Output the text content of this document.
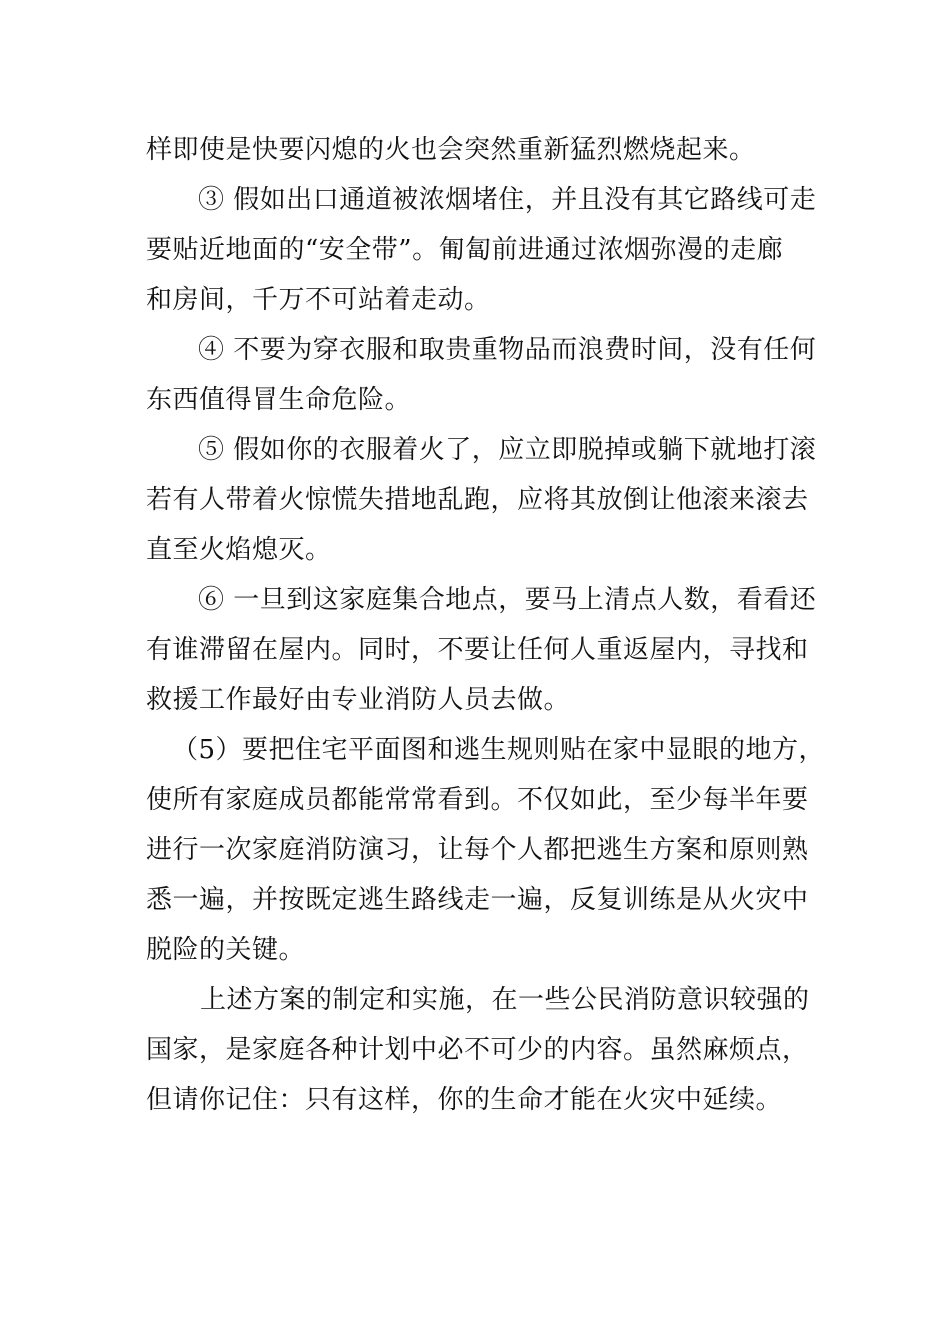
样即使是快要闪熄的火也会突然重新猛烈燃烧起来。
③ 假如出口通道被浓烟堵住，并且没有其它路线可走
要贴近地面的“安全带”。匍匐前进通过浓烟弥漫的走廊
和房间，千万不可站着走动。
④ 不要为穿衣服和取贵重物品而浪费时间，没有任何
东西值得冒生命危险。
⑤ 假如你的衣服着火了，应立即脱掉或躺下就地打滚
若有人带着火惊慌失措地乱跑，应将其放倒让他滚来滚去
直至火焰熄灭。
⑥ 一旦到这家庭集合地点，要马上清点人数，看看还
有谁滞留在屋内。同时，不要让任何人重返屋内，寻找和
救援工作最好由专业消防人员去做。
（5）要把住宅平面图和逃生规则贴在家中显眼的地方，
使所有家庭成员都能常常看到。不仅如此，至少每半年要
进行一次家庭消防演习，让每个人都把逃生方案和原则熟
悉一遍，并按既定逃生路线走一遍，反复训练是从火灾中
脱险的关键。
上述方案的制定和实施，在一些公民消防意识较强的
国家，是家庭各种计划中必不可少的内容。虽然麻烦点，
但请你记住：只有这样，你的生命才能在火灾中延续。
